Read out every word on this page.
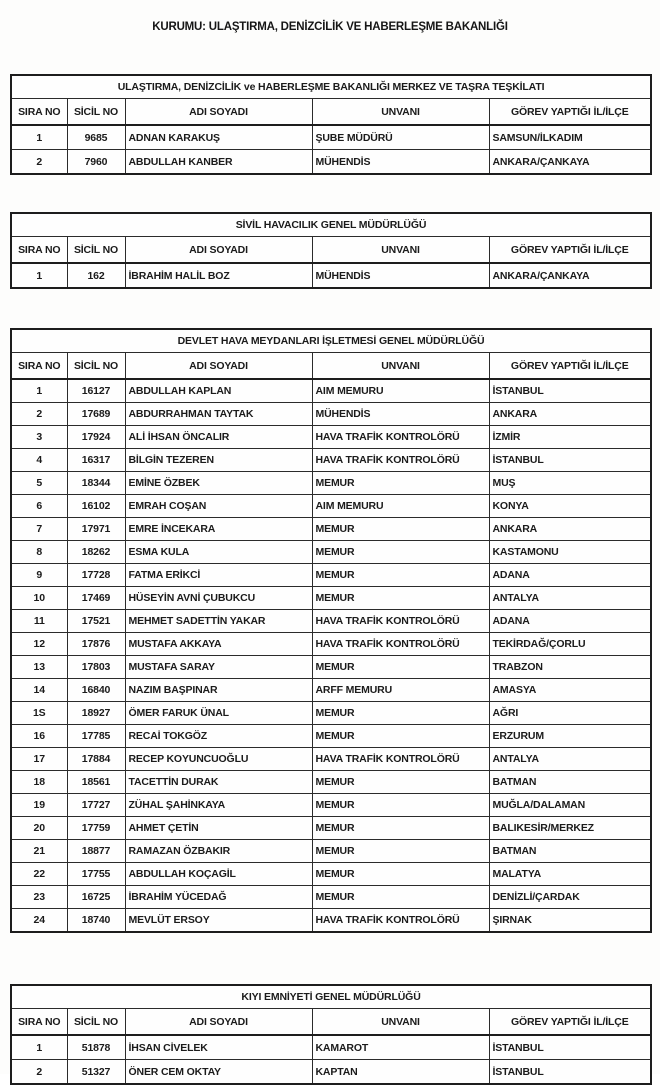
KURUMU: ULAŞTIRMA, DENİZCİLİK VE HABERLEŞME BAKANLIĞI
ULAŞTIRMA, DENİZCİLİK ve HABERLEŞME BAKANLIĞI MERKEZ VE TAŞRA TEŞKİLATI				
SIRA NO	SİCİL NO	ADI SOYADI	UNVANI	GÖREV YAPTIĞI İL/İLÇE
1	9685	ADNAN KARAKUŞ	ŞUBE MÜDÜRÜ	SAMSUN/İLKADIM
2	7960	ABDULLAH KANBER	MÜHENDİS	ANKARA/ÇANKAYA
SİVİL HAVACILIK GENEL MÜDÜRLÜĞÜ				
SIRA NO	SİCİL NO	ADI SOYADI	UNVANI	GÖREV YAPTIĞI İL/İLÇE
1	162	İBRAHİM HALİL BOZ	MÜHENDİS	ANKARA/ÇANKAYA
DEVLET HAVA MEYDANLARI İŞLETMESİ GENEL MÜDÜRLÜĞÜ				
SIRA NO	SİCİL NO	ADI SOYADI	UNVANI	GÖREV YAPTIĞI İL/İLÇE
1	16127	ABDULLAH KAPLAN	AIM MEMURU	İSTANBUL
2	17689	ABDURRAHMAN TAYTAK	MÜHENDİS	ANKARA
3	17924	ALİ İHSAN ÖNCALIR	HAVA TRAFİK KONTROLÖRÜ	İZMİR
4	16317	BİLGİN TEZEREN	HAVA TRAFİK KONTROLÖRÜ	İSTANBUL
5	18344	EMİNE ÖZBEK	MEMUR	MUŞ
6	16102	EMRAH COŞAN	AIM MEMURU	KONYA
7	17971	EMRE İNCEKARA	MEMUR	ANKARA
8	18262	ESMA KULA	MEMUR	KASTAMONU
9	17728	FATMA ERİKCİ	MEMUR	ADANA
10	17469	HÜSEYİN AVNİ ÇUBUKCU	MEMUR	ANTALYA
11	17521	MEHMET SADETTİN YAKAR	HAVA TRAFİK KONTROLÖRÜ	ADANA
12	17876	MUSTAFA AKKAYA	HAVA TRAFİK KONTROLÖRÜ	TEKİRDAĞ/ÇORLU
13	17803	MUSTAFA SARAY	MEMUR	TRABZON
14	16840	NAZIM BAŞPINAR	ARFF MEMURU	AMASYA
1S	18927	ÖMER FARUK ÜNAL	MEMUR	AĞRI
16	17785	RECAİ TOKGÖZ	MEMUR	ERZURUM
17	17884	RECEP KOYUNCUOĞLU	HAVA TRAFİK KONTROLÖRÜ	ANTALYA
18	18561	TACETTİN DURAK	MEMUR	BATMAN
19	17727	ZÜHAL ŞAHİNKAYA	MEMUR	MUĞLA/DALAMAN
20	17759	AHMET ÇETİN	MEMUR	BALIKESİR/MERKEZ
21	18877	RAMAZAN ÖZBAKIR	MEMUR	BATMAN
22	17755	ABDULLAH KOÇAGİL	MEMUR	MALATYA
23	16725	İBRAHİM YÜCEDAĞ	MEMUR	DENİZLİ/ÇARDAK
24	18740	MEVLÜT ERSOY	HAVA TRAFİK KONTROLÖRÜ	ŞIRNAK
KIYI EMNİYETİ GENEL MÜDÜRLÜĞÜ				
SIRA NO	SİCİL NO	ADI SOYADI	UNVANI	GÖREV YAPTIĞI İL/İLÇE
1	51878	İHSAN CİVELEK	KAMAROT	İSTANBUL
2	51327	ÖNER CEM OKTAY	KAPTAN	İSTANBUL
